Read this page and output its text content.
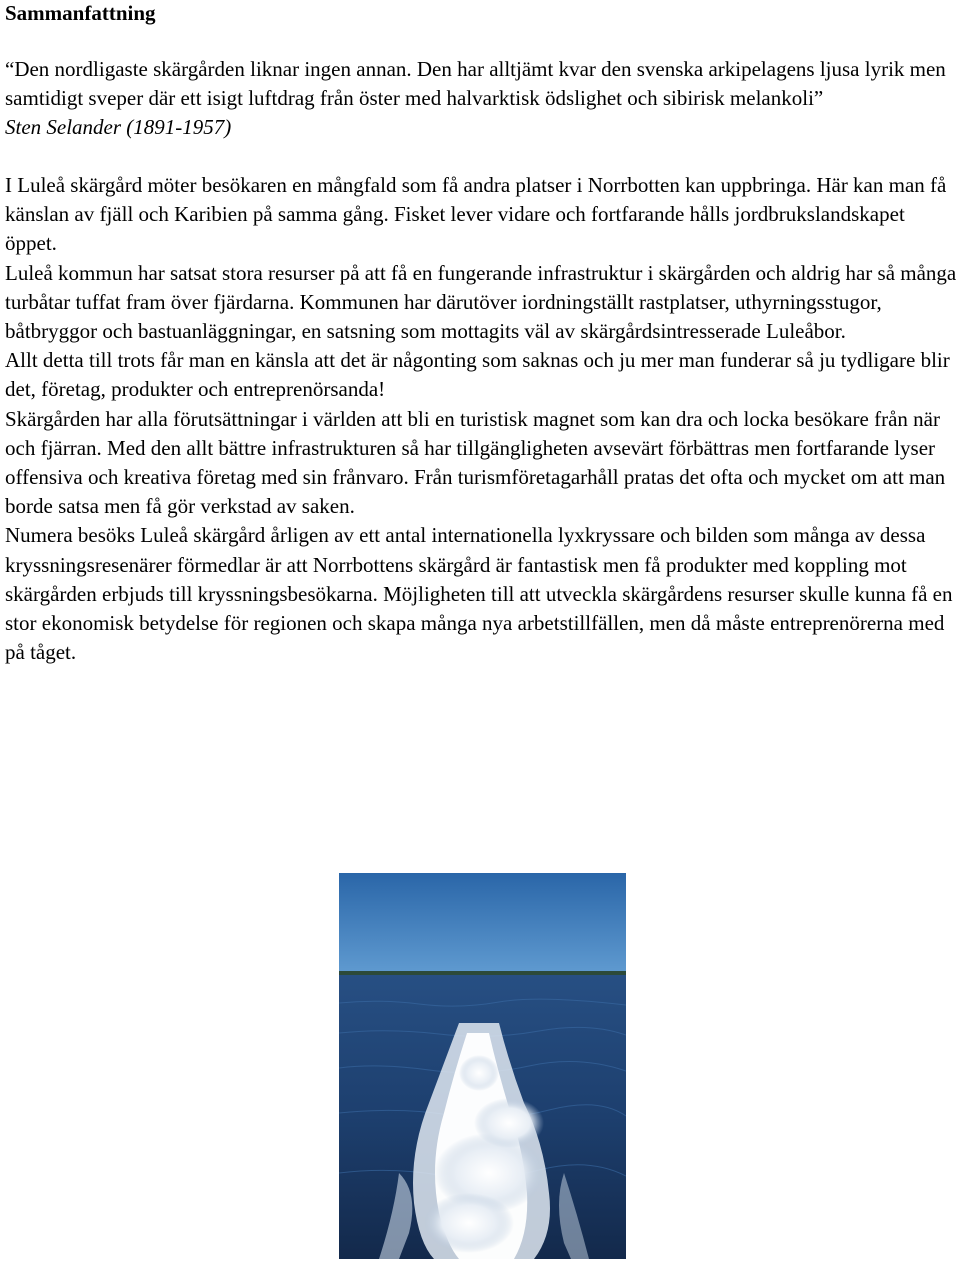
Sammanfattning
“Den nordligaste skärgården liknar ingen annan. Den har alltjämt kvar den svenska arkipelagens ljusa lyrik men samtidigt sveper där ett isigt luftdrag från öster med halvarktisk ödslighet och sibirisk melankoli”
Sten Selander (1891-1957)

I Luleå skärgård möter besökaren en mångfald som få andra platser i Norrbotten kan uppbringa. Här kan man få känslan av fjäll och Karibien på samma gång. Fisket lever vidare och fortfarande hålls jordbrukslandskapet öppet.

Luleå kommun har satsat stora resurser på att få en fungerande infrastruktur i skärgården och aldrig har så många turbåtar tuffat fram över fjärdarna. Kommunen har därutöver iordningställt rastplatser, uthyrningsstugor, båtbryggor och bastuanläggningar, en satsning som mottagits väl av skärgårdsintresserade Luleåbor.

Allt detta till trots får man en känsla att det är någonting som saknas och ju mer man funderar så ju tydligare blir det, företag, produkter och entreprenörsanda!

Skärgården har alla förutsättningar i världen att bli en turistisk magnet som kan dra och locka besökare från när och fjärran. Med den allt bättre infrastrukturen så har tillgängligheten avsevärt förbättras men fortfarande lyser offensiva och kreativa företag med sin frånvaro. Från turismföretagarhåll pratas det ofta och mycket om att man borde satsa men få gör verkstad av saken.

Numera besöks Luleå skärgård årligen av ett antal internationella lyxkryssare och bilden som många av dessa kryssningsresenärer förmedlar är att Norrbottens skärgård är fantastisk men få produkter med koppling mot skärgården erbjuds till kryssningsbesökarna. Möjligheten till att utveckla skärgårdens resurser skulle kunna få en stor ekonomisk betydelse för regionen och skapa många nya arbetstillfällen, men då måste entreprenörerna med på tåget.
